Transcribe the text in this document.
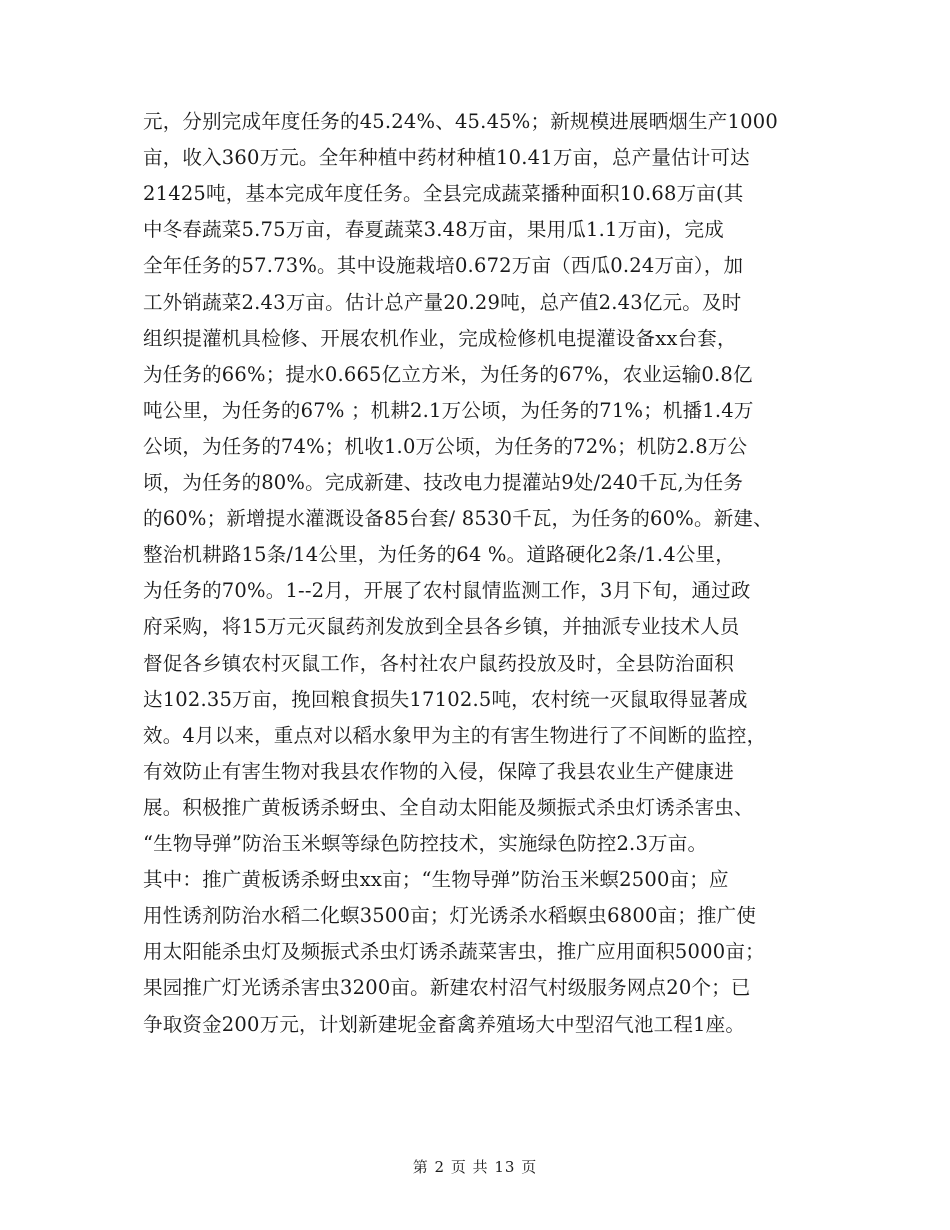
元，分别完成年度任务的45.24%、45.45%；新规模进展晒烟生产1000
亩，收入360万元。全年种植中药材种植10.41万亩，总产量估计可达
21425吨，基本完成年度任务。全县完成蔬菜播种面积10.68万亩(其
中冬春蔬菜5.75万亩，春夏蔬菜3.48万亩，果用瓜1.1万亩)，完成
全年任务的57.73%。其中设施栽培0.672万亩（西瓜0.24万亩），加
工外销蔬菜2.43万亩。估计总产量20.29吨，总产值2.43亿元。及时
组织提灌机具检修、开展农机作业，完成检修机电提灌设备xx台套，
为任务的66%；提水0.665亿立方米，为任务的67%，农业运输0.8亿
吨公里，为任务的67% ；机耕2.1万公顷，为任务的71%；机播1.4万
公顷，为任务的74%；机收1.0万公顷，为任务的72%；机防2.8万公
顷，为任务的80%。完成新建、技改电力提灌站9处/240千瓦,为任务
的60%；新增提水灌溉设备85台套/ 8530千瓦，为任务的60%。新建、
整治机耕路15条/14公里，为任务的64 %。道路硬化2条/1.4公里，
为任务的70%。1--2月，开展了农村鼠情监测工作，3月下旬，通过政
府采购，将15万元灭鼠药剂发放到全县各乡镇，并抽派专业技术人员
督促各乡镇农村灭鼠工作，各村社农户鼠药投放及时，全县防治面积
达102.35万亩，挽回粮食损失17102.5吨，农村统一灭鼠取得显著成
效。4月以来，重点对以稻水象甲为主的有害生物进行了不间断的监控，
有效防止有害生物对我县农作物的入侵，保障了我县农业生产健康进
展。积极推广黄板诱杀蚜虫、全自动太阳能及频振式杀虫灯诱杀害虫、
“生物导弹”防治玉米螟等绿色防控技术，实施绿色防控2.3万亩。
其中：推广黄板诱杀蚜虫xx亩；“生物导弹”防治玉米螟2500亩；应
用性诱剂防治水稻二化螟3500亩；灯光诱杀水稻螟虫6800亩；推广使
用太阳能杀虫灯及频振式杀虫灯诱杀蔬菜害虫，推广应用面积5000亩；
果园推广灯光诱杀害虫3200亩。新建农村沼气村级服务网点20个；已
争取资金200万元，计划新建坭金畜禽养殖场大中型沼气池工程1座。
第 2 页 共 13 页
